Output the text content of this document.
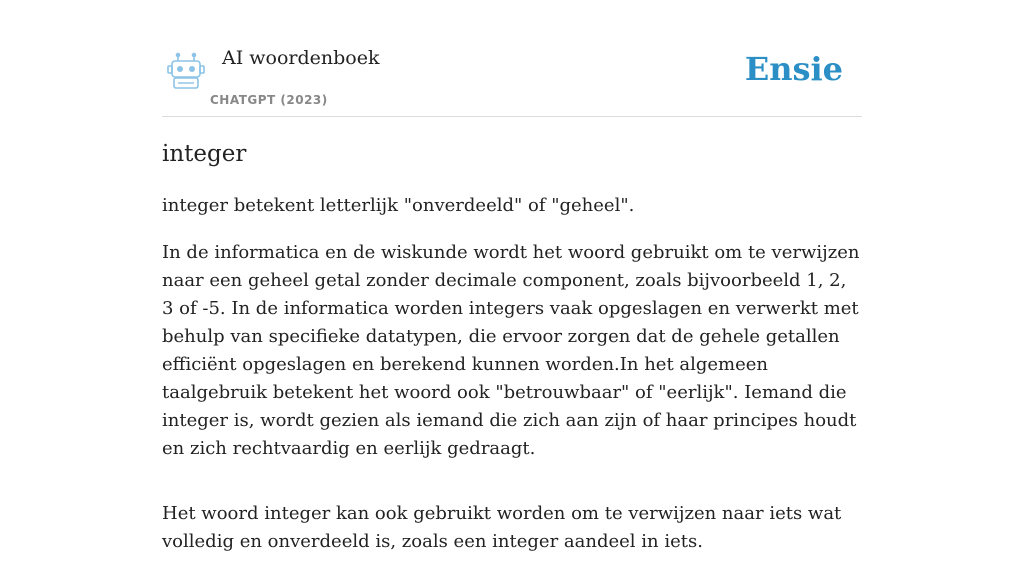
AI woordenboek
CHATGPT (2023)
Ensie
integer

integer betekent letterlijk "onverdeeld" of "geheel".

In de informatica en de wiskunde wordt het woord gebruikt om te verwijzen naar een geheel getal zonder decimale component, zoals bijvoorbeeld 1, 2, 3 of -5. In de informatica worden integers vaak opgeslagen en verwerkt met behulp van specifieke datatypen, die ervoor zorgen dat de gehele getallen efficiënt opgeslagen en berekend kunnen worden.In het algemeen taalgebruik betekent het woord ook "betrouwbaar" of "eerlijk". Iemand die integer is, wordt gezien als iemand die zich aan zijn of haar principes houdt en zich rechtvaardig en eerlijk gedraagt.

Het woord integer kan ook gebruikt worden om te verwijzen naar iets wat volledig en onverdeeld is, zoals een integer aandeel in iets.
